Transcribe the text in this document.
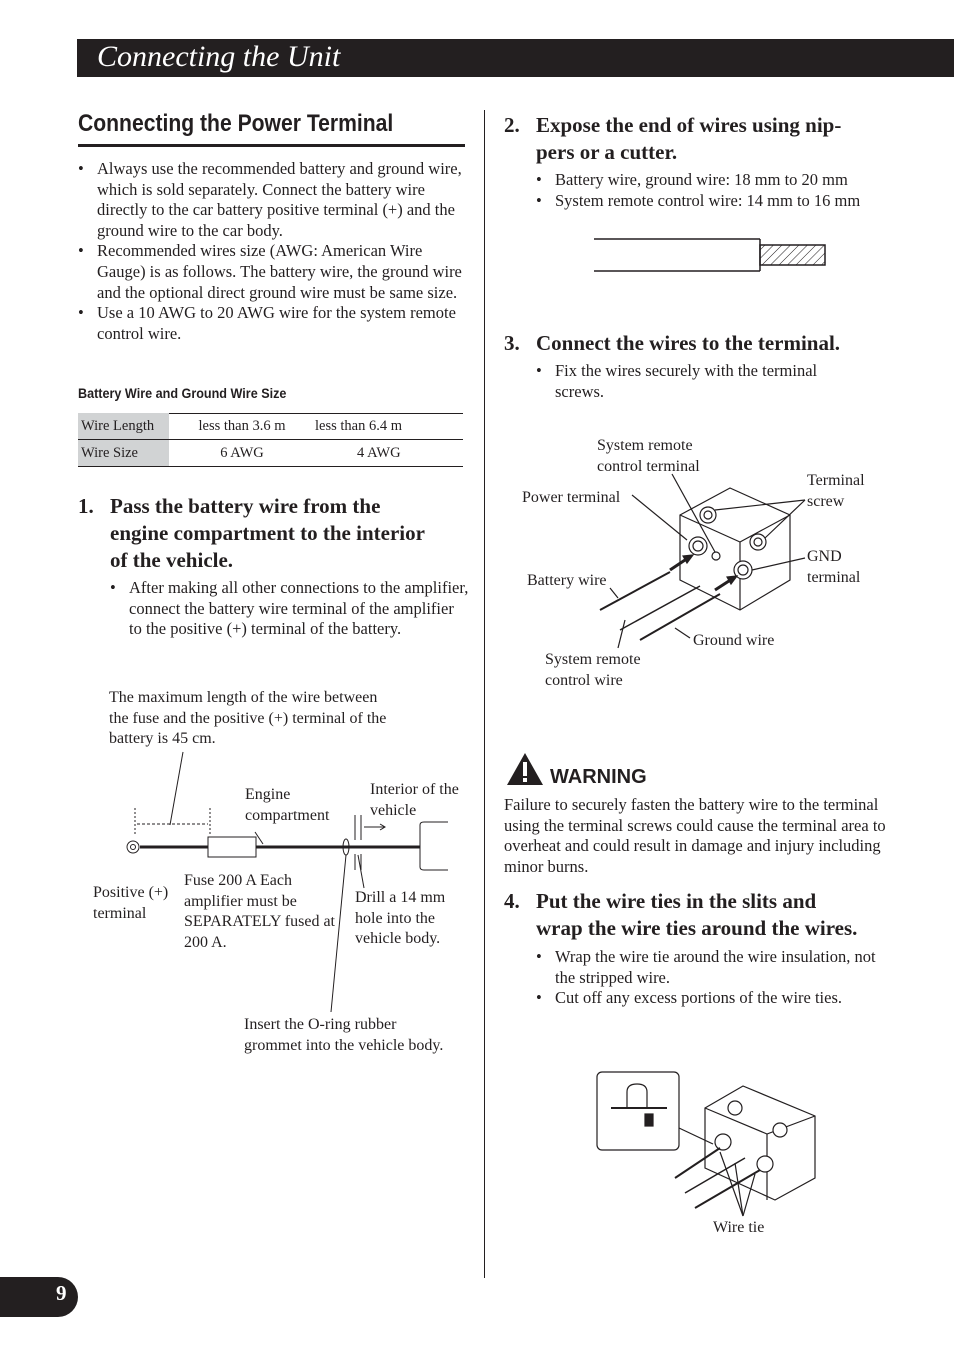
Connecting the Unit
Connecting the Power Terminal
• Always use the recommended battery and ground wire, which is sold separately. Connect the battery wire directly to the car battery positive terminal (+) and the ground wire to the car body.
• Recommended wires size (AWG: American Wire Gauge) is as follows. The battery wire, the ground wire and the optional direct ground wire must be same size.
• Use a 10 AWG to 20 AWG wire for the system remote control wire.
Battery Wire and Ground Wire Size
Wire Length	less than 3.6 m	less than 6.4 m
Wire Size	6 AWG	4 AWG
1. Pass the battery wire from the
engine compartment to the interior
of the vehicle.
• After making all other connections to the amplifier, connect the battery wire terminal of the amplifier to the positive (+) terminal of the battery.
The maximum length of the wire between the fuse and the positive (+) terminal of the battery is 45 cm.
Engine compartment
Interior of the vehicle
Positive (+) terminal
Fuse 200 A Each amplifier must be SEPARATELY fused at 200 A.
Drill a 14 mm hole into the vehicle body.
Insert the O-ring rubber grommet into the vehicle body.
2. Expose the end of wires using nip-
pers or a cutter.
• Battery wire, ground wire: 18 mm to 20 mm
• System remote control wire: 14 mm to 16 mm
3. Connect the wires to the terminal.
• Fix the wires securely with the terminal screws.
System remote control terminal
Power terminal
Terminal screw
GND terminal
Battery wire
Ground wire
System remote control wire
WARNING
Failure to securely fasten the battery wire to the terminal using the terminal screws could cause the terminal area to overheat and could result in damage and injury including minor burns.
4. Put the wire ties in the slits and
wrap the wire ties around the wires.
• Wrap the wire tie around the wire insulation, not the stripped wire.
• Cut off any excess portions of the wire ties.
Wire tie
9
